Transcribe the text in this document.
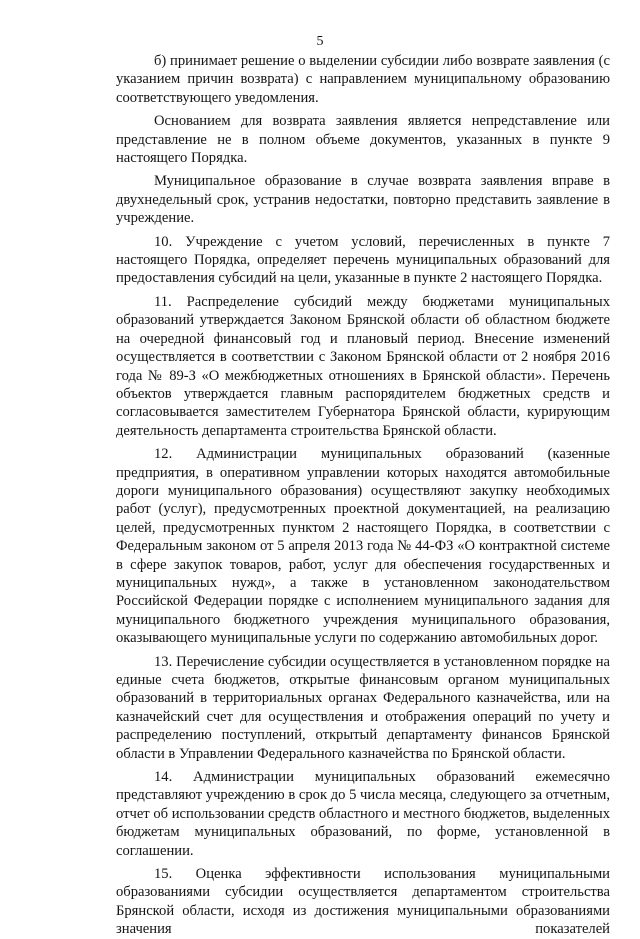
5

б) принимает решение о выделении субсидии либо возврате заявления (с указанием причин возврата) с направлением муниципальному образованию соответствующего уведомления.

Основанием для возврата заявления является непредставление или представление не в полном объеме документов, указанных в пункте 9 настоящего Порядка.

Муниципальное образование в случае возврата заявления вправе в двухнедельный срок, устранив недостатки, повторно представить заявление в учреждение.

10. Учреждение с учетом условий, перечисленных в пункте 7 настоящего Порядка, определяет перечень муниципальных образований для предоставления субсидий на цели, указанные в пункте 2 настоящего Порядка.

11. Распределение субсидий между бюджетами муниципальных образований утверждается Законом Брянской области об областном бюджете на очередной финансовый год и плановый период. Внесение изменений осуществляется в соответствии с Законом Брянской области от 2 ноября 2016 года № 89-З «О межбюджетных отношениях в Брянской области». Перечень объектов утверждается главным распорядителем бюджетных средств и согласовывается заместителем Губернатора Брянской области, курирующим деятельность департамента строительства Брянской области.

12. Администрации муниципальных образований (казенные предприятия, в оперативном управлении которых находятся автомобильные дороги муниципального образования) осуществляют закупку необходимых работ (услуг), предусмотренных проектной документацией, на реализацию целей, предусмотренных пунктом 2 настоящего Порядка, в соответствии с Федеральным законом от 5 апреля 2013 года № 44-ФЗ «О контрактной системе в сфере закупок товаров, работ, услуг для обеспечения государственных и муниципальных нужд», а также в установленном законодательством Российской Федерации порядке с исполнением муниципального задания для муниципального бюджетного учреждения муниципального образования, оказывающего муниципальные услуги по содержанию автомобильных дорог.

13. Перечисление субсидии осуществляется в установленном порядке на единые счета бюджетов, открытые финансовым органом муниципальных образований в территориальных органах Федерального казначейства, или на казначейский счет для осуществления и отображения операций по учету и распределению поступлений, открытый департаменту финансов Брянской области в Управлении Федерального казначейства по Брянской области.

14. Администрации муниципальных образований ежемесячно представляют учреждению в срок до 5 числа месяца, следующего за отчетным, отчет об использовании средств областного и местного бюджетов, выделенных бюджетам муниципальных образований, по форме, установленной в соглашении.

15. Оценка эффективности использования муниципальными образованиями субсидии осуществляется департаментом строительства Брянской области, исходя из достижения муниципальными образованиями значения показателей
